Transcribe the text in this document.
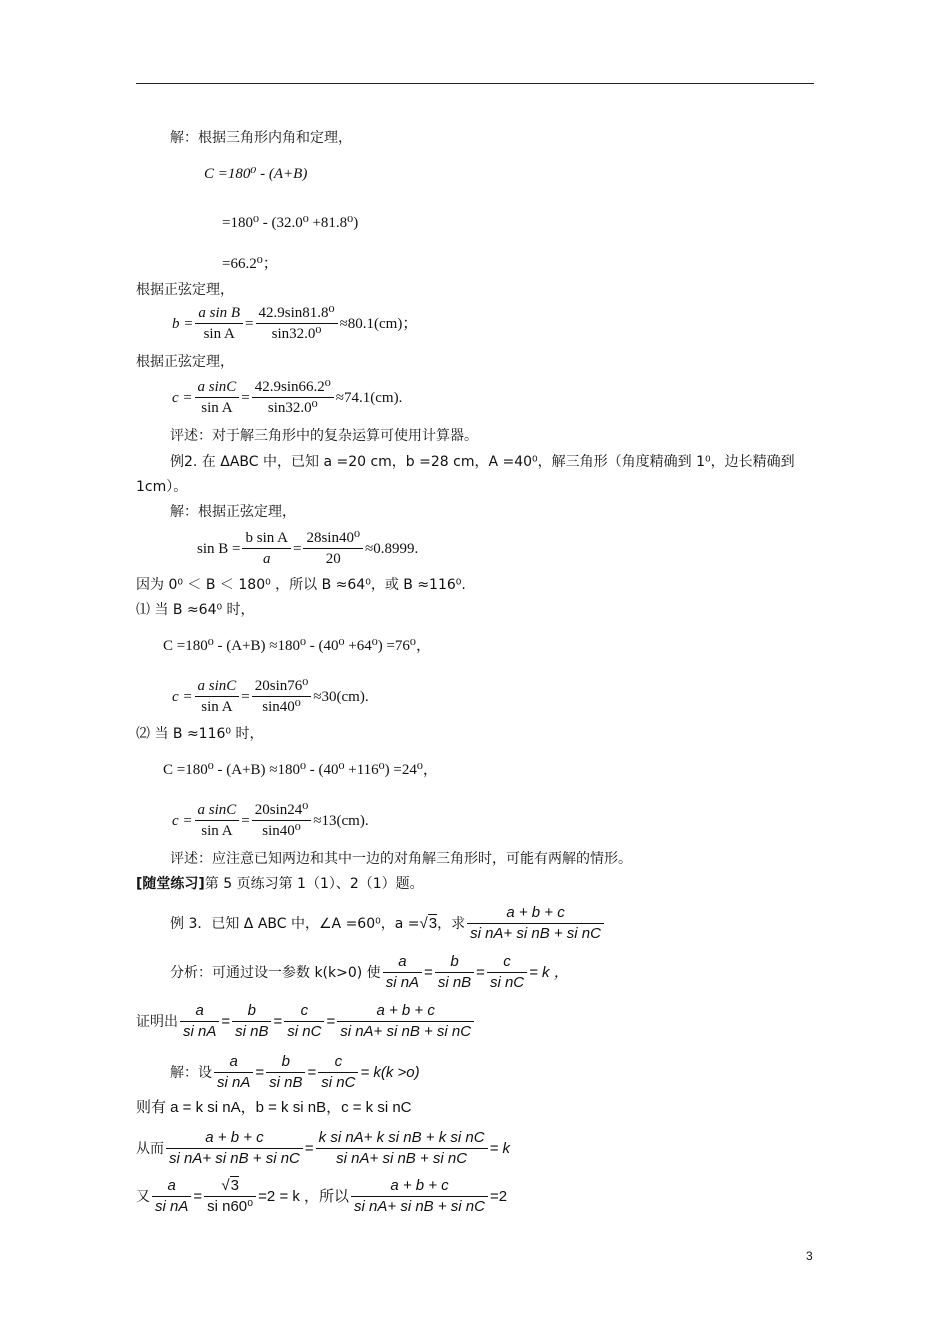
解：根据三角形内角和定理，
C =180⁰ - (A+B)
=180⁰ - (32.0⁰ +81.8⁰)
=66.2⁰；
根据正弦定理，
$b = \frac{\text{a sin B}}{\text{sin A}} = \frac{\text{42.9sin81.8⁰}}{\text{sin32.0⁰}} \approx 80.1(cm)$；
根据正弦定理，
$c = \frac{\text{a sinC}}{\text{sin A}} = \frac{\text{42.9sin66.2⁰}}{\text{sin32.0⁰}} \approx 74.1(cm)$.
评述：对于解三角形中的复杂运算可使用计算器。
例2. 在 ΔABC 中，已知 a =20 cm，b =28 cm，A =40⁰，解三角形（角度精确到 1⁰，边长精确到
1cm）。
解：根据正弦定理，
$\sin B = \frac{\text{b sin A}}{a} = \frac{\text{28sin40⁰}}{20} \approx 0.8999$.
因为 0⁰ ＜ B ＜ 180⁰ ，所以 B ≈64⁰，或 B ≈116⁰.
⑴ 当 B ≈64⁰ 时，
C =180⁰ - (A+B) ≈180⁰ - (40⁰ +64⁰) =76⁰，
$c = \frac{\text{a sinC}}{\text{sin A}} = \frac{\text{20sin76⁰}}{\text{sin40⁰}} \approx 30(cm)$.
⑵ 当 B ≈116⁰ 时，
C =180⁰ - (A+B) ≈180⁰ - (40⁰ +116⁰) =24⁰，
$c = \frac{\text{a sinC}}{\text{sin A}} = \frac{\text{20sin24⁰}}{\text{sin40⁰}} \approx 13(cm)$.
评述：应注意已知两边和其中一边的对角解三角形时，可能有两解的情形。
[随堂练习]第 5 页练习第 1（1）、2（1）题。
例 3．已知 Δ ABC 中，∠A =60⁰，a = √3 ，求 $\frac{a + b + c}{\text{si nA+ si nB + si nC}}$
分析：可通过设一参数 k(k>0) 使 $\frac{a}{\text{si nA}} = \frac{b}{\text{si nB}} = \frac{c}{\text{si nC}} = k$ ，
证明出 $\frac{a}{\text{si nA}} = \frac{b}{\text{si nB}} = \frac{c}{\text{si nC}} = \frac{a + b + c}{\text{si nA+ si nB + si nC}}$
解：设 $\frac{a}{\text{si nA}} = \frac{b}{\text{si nB}} = \frac{c}{\text{si nC}} = k(k >o)$
则有 a = k si nA，b = k si nB，c = k si nC
从而 $\frac{a + b + c}{\text{si nA+ si nB + si nC}} = \frac{\text{k si nA+ k si nB + k si nC}}{\text{si nA+ si nB + si nC}} = k$
又 $\frac{a}{\text{si nA}} = \frac{√3}{\text{si n60⁰}} =2 = k$ ，所以 $\frac{a + b + c}{\text{si nA+ si nB + si nC}} =2$
3
